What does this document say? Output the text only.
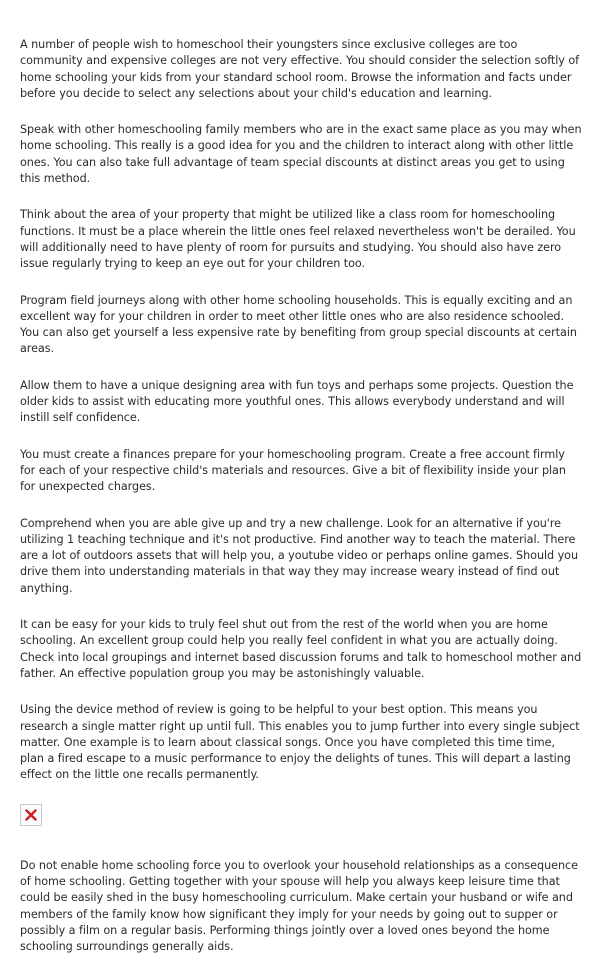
A number of people wish to homeschool their youngsters since exclusive colleges are too community and expensive colleges are not very effective. You should consider the selection softly of home schooling your kids from your standard school room. Browse the information and facts under before you decide to select any selections about your child's education and learning.

Speak with other homeschooling family members who are in the exact same place as you may when home schooling. This really is a good idea for you and the children to interact along with other little ones. You can also take full advantage of team special discounts at distinct areas you get to using this method.

Think about the area of your property that might be utilized like a class room for homeschooling functions. It must be a place wherein the little ones feel relaxed nevertheless won't be derailed. You will additionally need to have plenty of room for pursuits and studying. You should also have zero issue regularly trying to keep an eye out for your children too.

Program field journeys along with other home schooling households. This is equally exciting and an excellent way for your children in order to meet other little ones who are also residence schooled. You can also get yourself a less expensive rate by benefiting from group special discounts at certain areas.

Allow them to have a unique designing area with fun toys and perhaps some projects. Question the older kids to assist with educating more youthful ones. This allows everybody understand and will instill self confidence.

You must create a finances prepare for your homeschooling program. Create a free account firmly for each of your respective child's materials and resources. Give a bit of flexibility inside your plan for unexpected charges.

Comprehend when you are able give up and try a new challenge. Look for an alternative if you're utilizing 1 teaching technique and it's not productive. Find another way to teach the material. There are a lot of outdoors assets that will help you, a youtube video or perhaps online games. Should you drive them into understanding materials in that way they may increase weary instead of find out anything.

It can be easy for your kids to truly feel shut out from the rest of the world when you are home schooling. An excellent group could help you really feel confident in what you are actually doing. Check into local groupings and internet based discussion forums and talk to homeschool mother and father. An effective population group you may be astonishingly valuable.

Using the device method of review is going to be helpful to your best option. This means you research a single matter right up until full. This enables you to jump further into every single subject matter. One example is to learn about classical songs. Once you have completed this time time, plan a fired escape to a music performance to enjoy the delights of tunes. This will depart a lasting effect on the little one recalls permanently.

Do not enable home schooling force you to overlook your household relationships as a consequence of home schooling. Getting together with your spouse will help you always keep leisure time that could be easily shed in the busy homeschooling curriculum. Make certain your husband or wife and members of the family know how significant they imply for your needs by going out to supper or possibly a film on a regular basis. Performing things jointly over a loved ones beyond the home schooling surroundings generally aids.
